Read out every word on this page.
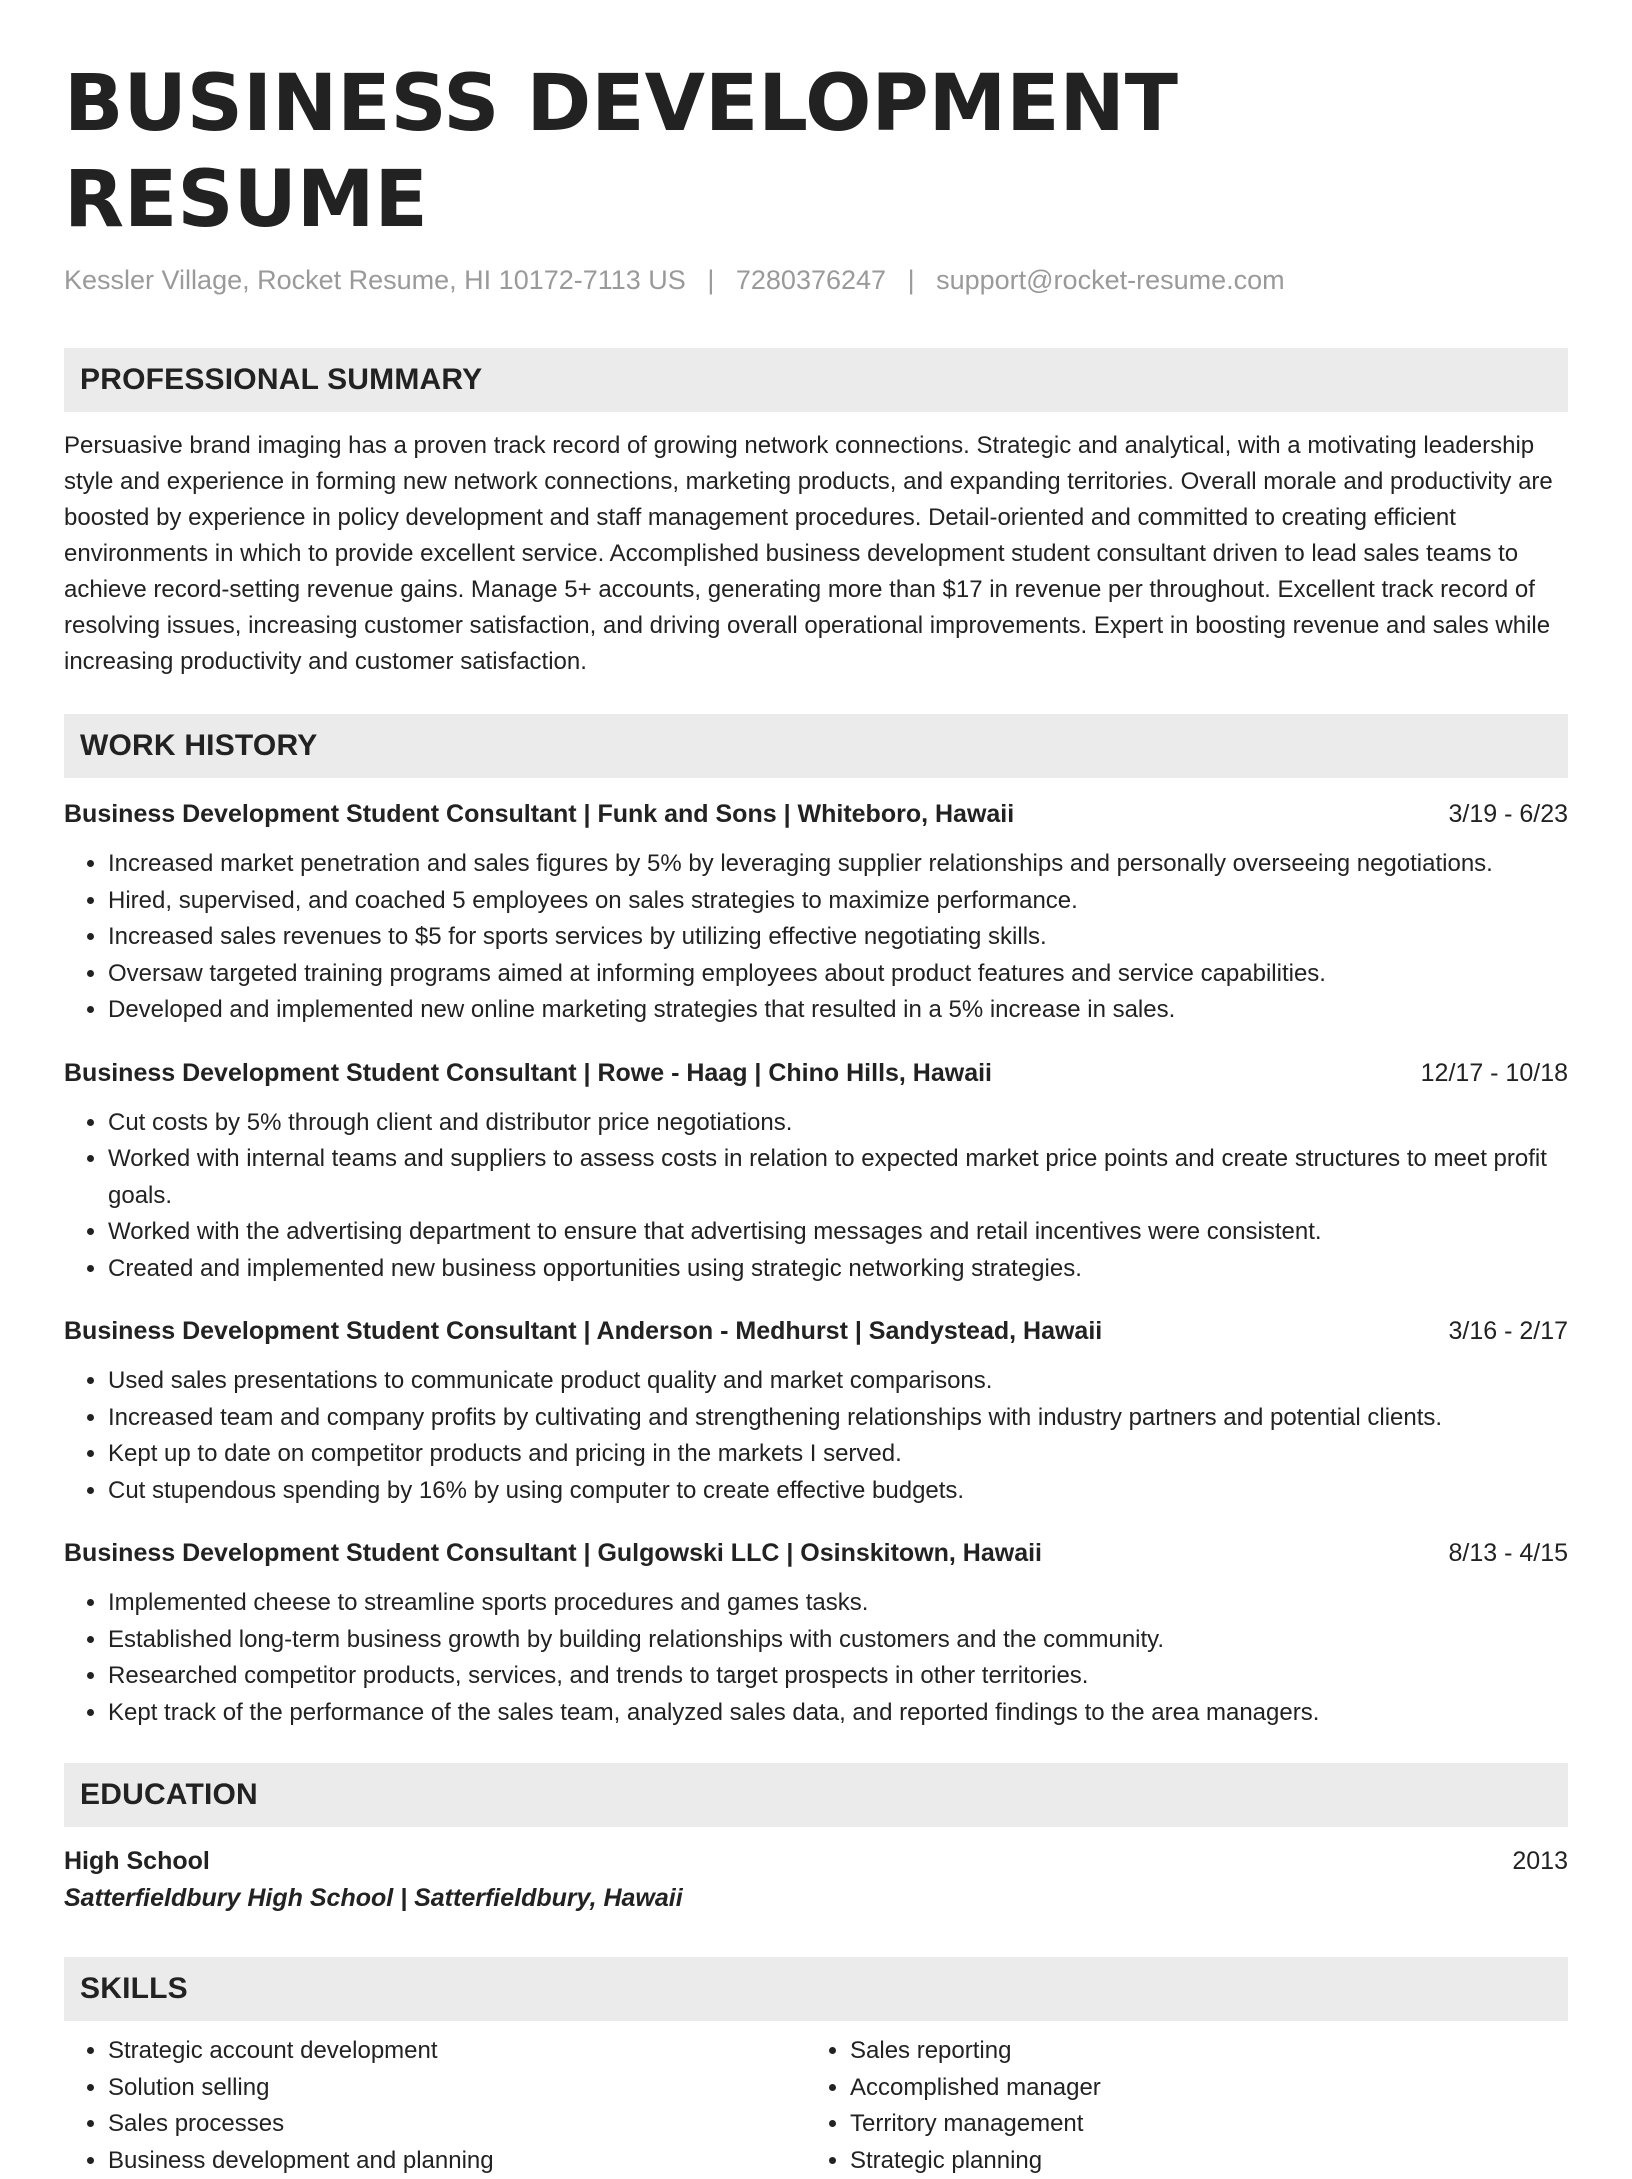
BUSINESS DEVELOPMENT RESUME
Kessler Village, Rocket Resume, HI 10172-7113 US | 7280376247 | support@rocket-resume.com
PROFESSIONAL SUMMARY
Persuasive brand imaging has a proven track record of growing network connections. Strategic and analytical, with a motivating leadership style and experience in forming new network connections, marketing products, and expanding territories. Overall morale and productivity are boosted by experience in policy development and staff management procedures. Detail-oriented and committed to creating efficient environments in which to provide excellent service. Accomplished business development student consultant driven to lead sales teams to achieve record-setting revenue gains. Manage 5+ accounts, generating more than $17 in revenue per throughout. Excellent track record of resolving issues, increasing customer satisfaction, and driving overall operational improvements. Expert in boosting revenue and sales while increasing productivity and customer satisfaction.
WORK HISTORY
Business Development Student Consultant | Funk and Sons | Whiteboro, Hawaii	3/19 - 6/23
• Increased market penetration and sales figures by 5% by leveraging supplier relationships and personally overseeing negotiations.
• Hired, supervised, and coached 5 employees on sales strategies to maximize performance.
• Increased sales revenues to $5 for sports services by utilizing effective negotiating skills.
• Oversaw targeted training programs aimed at informing employees about product features and service capabilities.
• Developed and implemented new online marketing strategies that resulted in a 5% increase in sales.
Business Development Student Consultant | Rowe - Haag | Chino Hills, Hawaii	12/17 - 10/18
• Cut costs by 5% through client and distributor price negotiations.
• Worked with internal teams and suppliers to assess costs in relation to expected market price points and create structures to meet profit goals.
• Worked with the advertising department to ensure that advertising messages and retail incentives were consistent.
• Created and implemented new business opportunities using strategic networking strategies.
Business Development Student Consultant | Anderson - Medhurst | Sandystead, Hawaii	3/16 - 2/17
• Used sales presentations to communicate product quality and market comparisons.
• Increased team and company profits by cultivating and strengthening relationships with industry partners and potential clients.
• Kept up to date on competitor products and pricing in the markets I served.
• Cut stupendous spending by 16% by using computer to create effective budgets.
Business Development Student Consultant | Gulgowski LLC | Osinskitown, Hawaii	8/13 - 4/15
• Implemented cheese to streamline sports procedures and games tasks.
• Established long-term business growth by building relationships with customers and the community.
• Researched competitor products, services, and trends to target prospects in other territories.
• Kept track of the performance of the sales team, analyzed sales data, and reported findings to the area managers.
EDUCATION
High School	2013
Satterfieldbury High School | Satterfieldbury, Hawaii
SKILLS
• Strategic account development
• Solution selling
• Sales processes
• Business development and planning
• Sales reporting
• Accomplished manager
• Territory management
• Strategic planning
